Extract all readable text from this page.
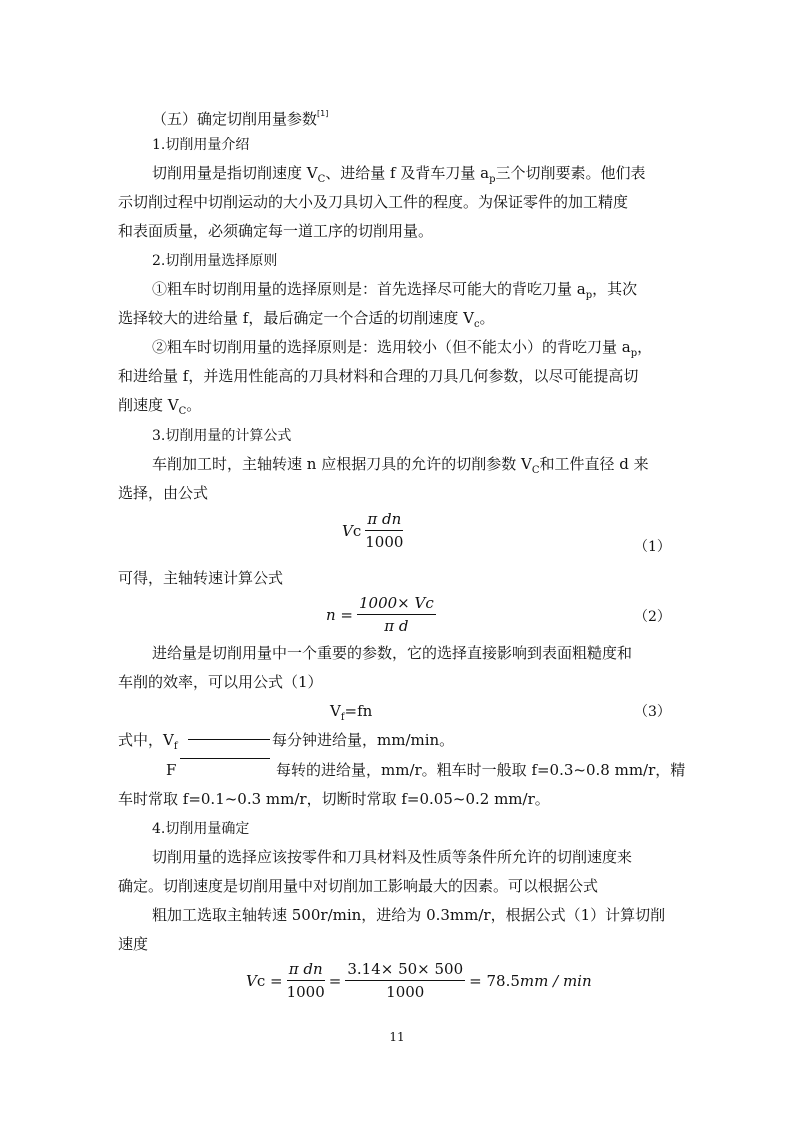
（五）确定切削用量参数[1]
1.切削用量介绍
切削用量是指切削速度 $V_C$、进给量 f 及背车刀量 $a_p$三个切削要素。他们表
示切削过程中切削运动的大小及刀具切入工件的程度。为保证零件的加工精度
和表面质量，必须确定每一道工序的切削用量。
2.切削用量选择原则
①粗车时切削用量的选择原则是：首先选择尽可能大的背吃刀量 $a_p$，其次
选择较大的进给量 f，最后确定一个合适的切削速度 $V_c$。
②粗车时切削用量的选择原则是：选用较小（但不能太小）的背吃刀量 $a_p$，
和进给量 f，并选用性能高的刀具材料和合理的刀具几何参数，以尽可能提高切
削速度 $V_C$。
3.切削用量的计算公式
车削加工时，主轴转速 n 应根据刀具的允许的切削参数 $V_C$和工件直径 d 来
选择，由公式
V c $\frac{\text{π dn}}{1000}$	（1）
可得，主轴转速计算公式
$n = \frac{1000\times Vc}{\text{π d}}$	（2）
进给量是切削用量中一个重要的参数，它的选择直接影响到表面粗糙度和
车削的效率，可以用公式（1）
$V_f=fn$	（3）
式中，$V_f$	每分钟进给量，mm/min。
F	每转的进给量，mm/r。粗车时一般取 f=0.3~0.8 mm/r，精
车时常取 f=0.1~0.3 mm/r，切断时常取 f=0.05~0.2 mm/r。
4.切削用量确定
切削用量的选择应该按零件和刀具材料及性质等条件所允许的切削速度来
确定。切削速度是切削用量中对切削加工影响最大的因素。可以根据公式
粗加工选取主轴转速 500r/min，进给为 0.3mm/r，根据公式（1）计算切削
速度
V $c = \frac{\text{π dn}}{1000} = \frac{3.14\times 50\times 500}{1000} = 78.5$ mm / min
11
